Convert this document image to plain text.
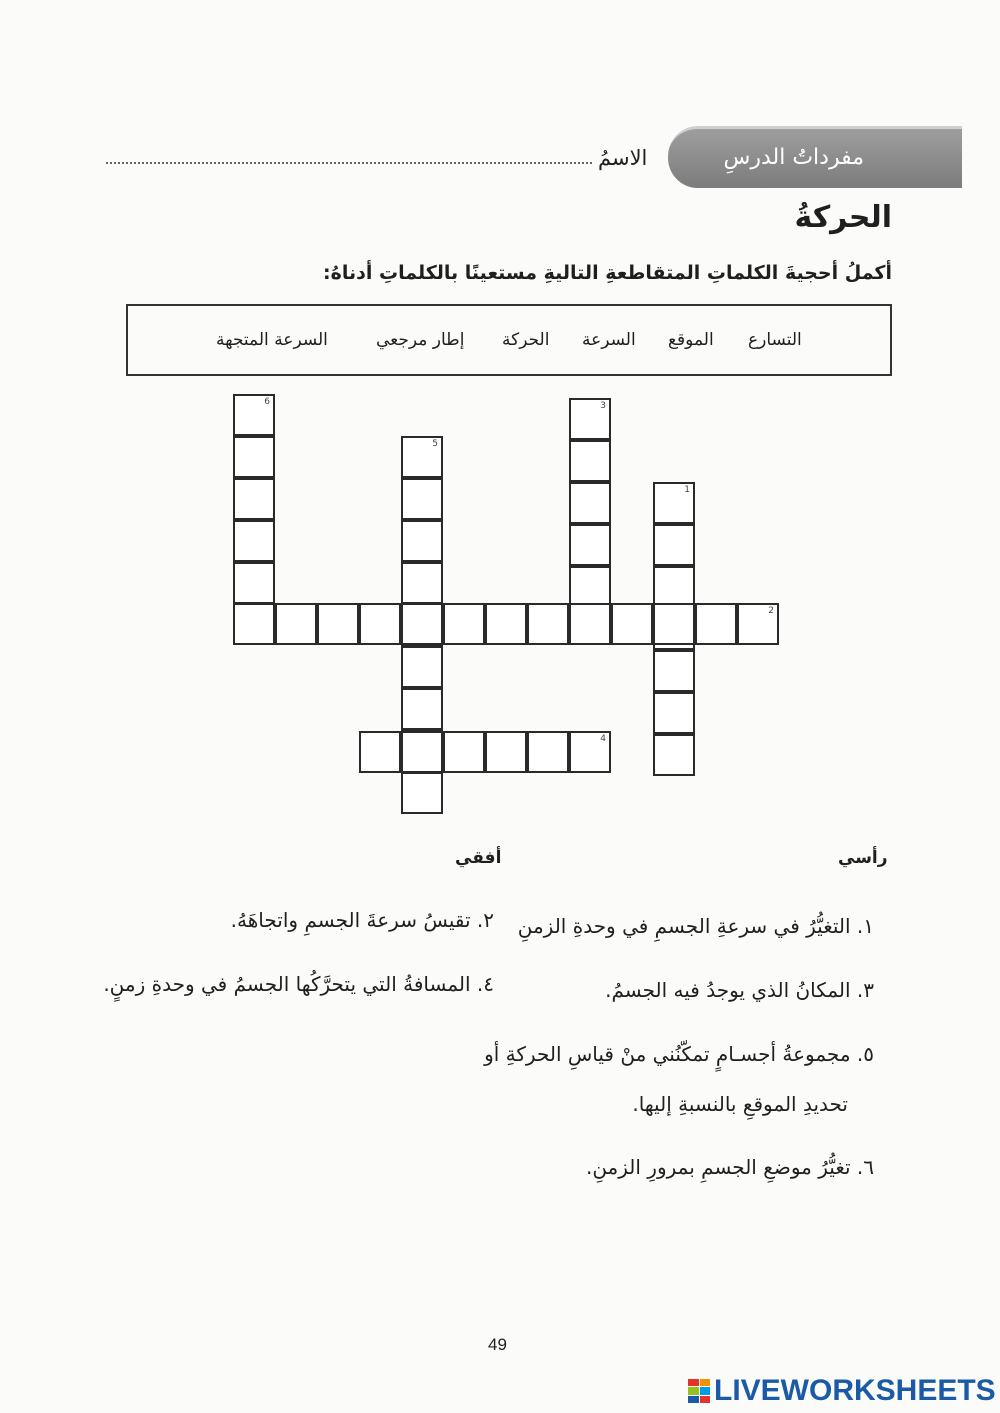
مفرداتُ الدرسِ
الاسمُ
الحركةُ
أكملُ أحجيةَ الكلماتِ المتقاطعةِ التاليةِ مستعينًا بالكلماتِ أدناهُ:
التسارع
الموقع
السرعة
الحركة
إطار مرجعي
السرعة المتجهة
6
5
3
1
2
4
رأسي
أفقي
١. التغيُّرُ في سرعةِ الجسمِ في وحدةِ الزمنِ
٣. المكانُ الذي يوجدُ فيه الجسمُ.
٥. مجموعةُ أجسـامٍ تمكّنُني منْ قياسِ الحركةِ أو
تحديدِ الموقعِ بالنسبةِ إليها.
٦. تغيُّرُ موضعِ الجسمِ بمرورِ الزمنِ.
٢. تقيسُ سرعةَ الجسمِ واتجاهَهُ.
٤. المسافةُ التي يتحرَّكُها الجسمُ في وحدةِ زمنٍ.
49
LIVEWORKSHEETS
